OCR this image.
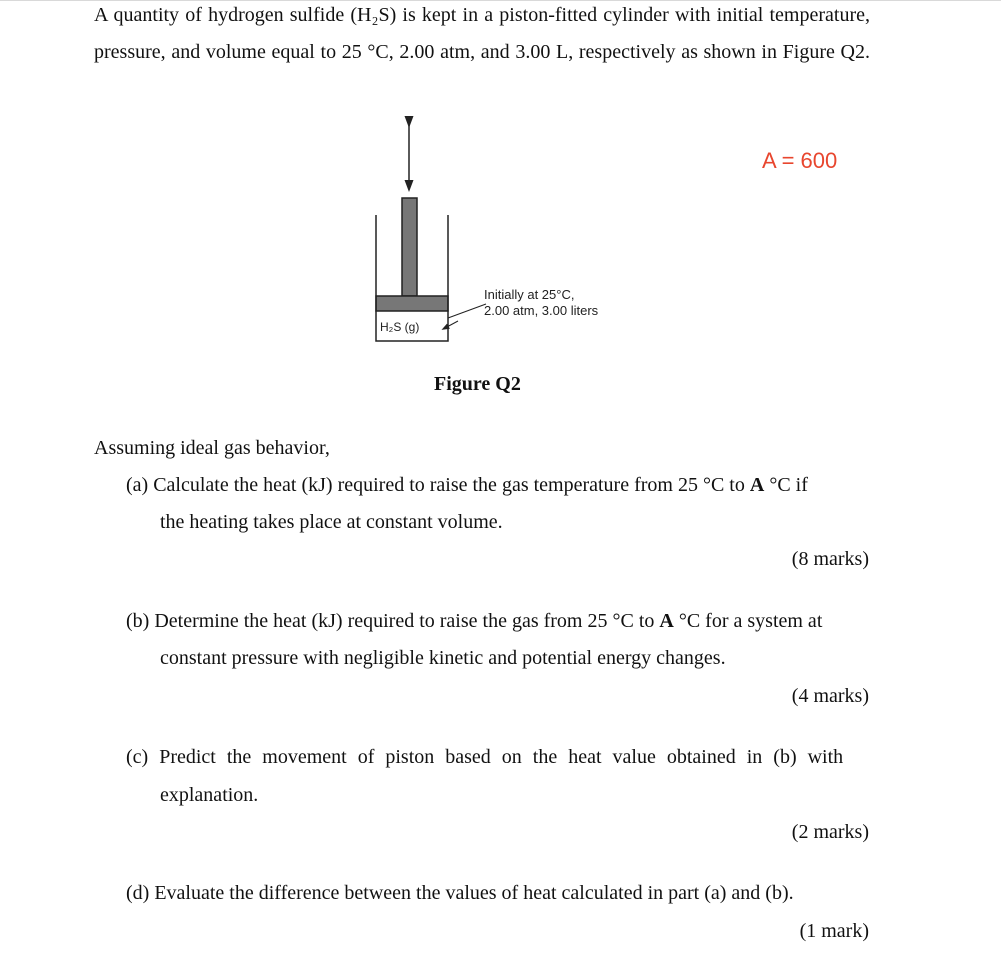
A quantity of hydrogen sulfide (H₂S) is kept in a piston-fitted cylinder with initial temperature, pressure, and volume equal to 25 °C, 2.00 atm, and 3.00 L, respectively as shown in Figure Q2.
A = 600
H₂S (g)
Initially at 25°C,
2.00 atm, 3.00 liters
Figure Q2
Assuming ideal gas behavior,
(a) Calculate the heat (kJ) required to raise the gas temperature from 25 °C to A °C if
the heating takes place at constant volume.
(8 marks)
(b) Determine the heat (kJ) required to raise the gas from 25 °C to A °C for a system at
constant pressure with negligible kinetic and potential energy changes.
(4 marks)
(c) Predict the movement of piston based on the heat value obtained in (b) with
explanation.
(2 marks)
(d) Evaluate the difference between the values of heat calculated in part (a) and (b).
(1 mark)
